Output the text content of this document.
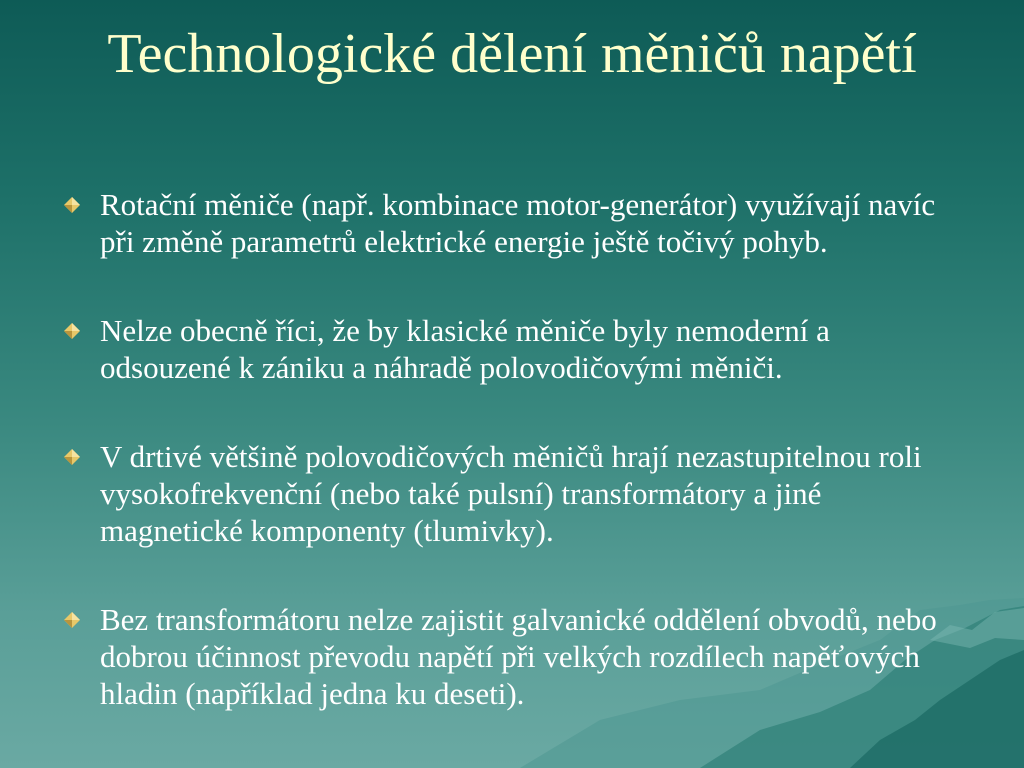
Technologické dělení měničů napětí
Rotační měniče (např. kombinace motor-generátor) využívají navíc při změně parametrů elektrické energie ještě točivý pohyb.
Nelze obecně říci, že by klasické měniče byly nemoderní a odsouzené k zániku a náhradě polovodičovými měniči.
V drtivé většině polovodičových měničů hrají nezastupitelnou roli vysokofrekvenční (nebo také pulsní) transformátory a jiné magnetické komponenty (tlumivky).
Bez transformátoru nelze zajistit galvanické oddělení obvodů, nebo dobrou účinnost převodu napětí při velkých rozdílech napěťových hladin (například jedna ku deseti).
